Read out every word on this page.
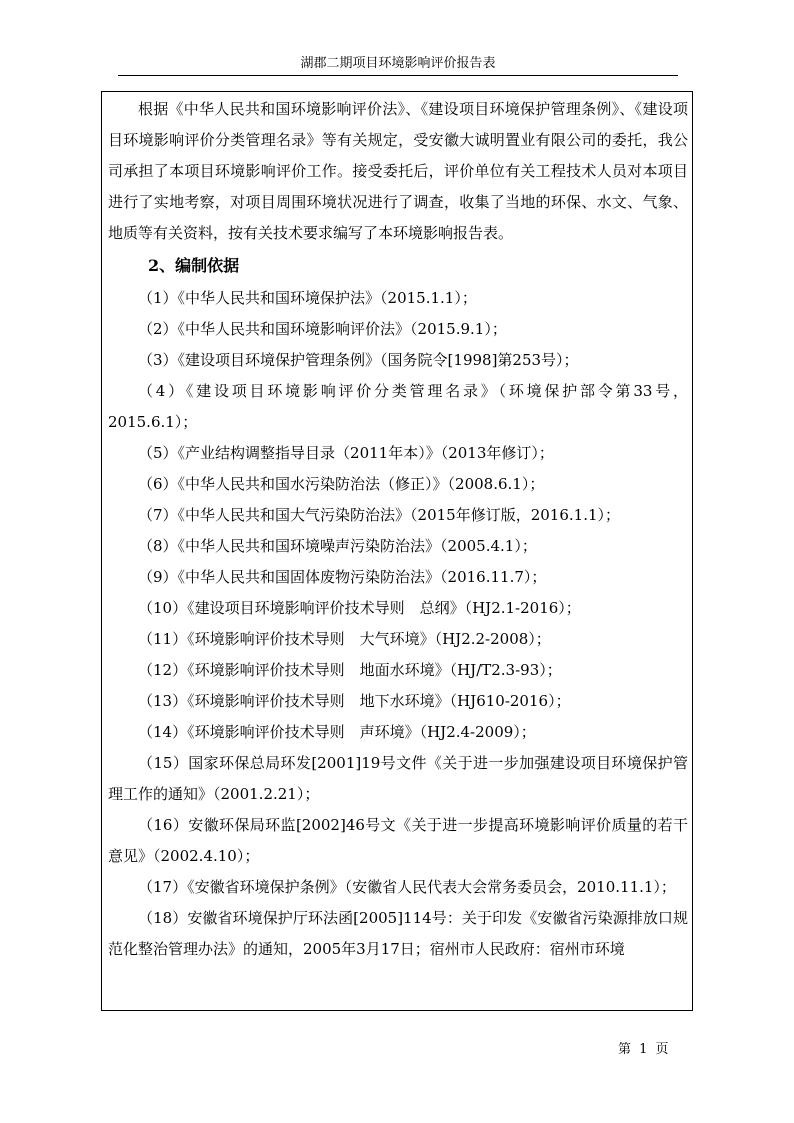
湖郡二期项目环境影响评价报告表

根据《中华人民共和国环境影响评价法》、《建设项目环境保护管理条例》、《建设项目环境影响评价分类管理名录》等有关规定，受安徽大诚明置业有限公司的委托，我公司承担了本项目环境影响评价工作。接受委托后，评价单位有关工程技术人员对本项目进行了实地考察，对项目周围环境状况进行了调查，收集了当地的环保、水文、气象、地质等有关资料，按有关技术要求编写了本环境影响报告表。

2、编制依据

（1）《中华人民共和国环境保护法》（2015.1.1）；

（2）《中华人民共和国环境影响评价法》（2015.9.1）；

（3）《建设项目环境保护管理条例》（国务院令[1998]第253号）；

（4）《建设项目环境影响评价分类管理名录》（环境保护部令第33号，2015.6.1）；

（5）《产业结构调整指导目录（2011年本）》（2013年修订）；

（6）《中华人民共和国水污染防治法（修正）》（2008.6.1）；

（7）《中华人民共和国大气污染防治法》（2015年修订版，2016.1.1）；

（8）《中华人民共和国环境噪声污染防治法》（2005.4.1）；

（9）《中华人民共和国固体废物污染防治法》（2016.11.7）；

（10）《建设项目环境影响评价技术导则　总纲》（HJ2.1-2016）；

（11）《环境影响评价技术导则　大气环境》（HJ2.2-2008）；

（12）《环境影响评价技术导则　地面水环境》（HJ/T2.3-93）；

（13）《环境影响评价技术导则　地下水环境》（HJ610-2016）；

（14）《环境影响评价技术导则　声环境》（HJ2.4-2009）；

（15）国家环保总局环发[2001]19号文件《关于进一步加强建设项目环境保护管理工作的通知》（2001.2.21）；

（16）安徽环保局环监[2002]46号文《关于进一步提高环境影响评价质量的若干意见》（2002.4.10）；

（17）《安徽省环境保护条例》（安徽省人民代表大会常务委员会，2010.11.1）；

（18）安徽省环境保护厅环法函[2005]114号：关于印发《安徽省污染源排放口规范化整治管理办法》的通知，2005年3月17日；宿州市人民政府：宿州市环境

第 1 页
